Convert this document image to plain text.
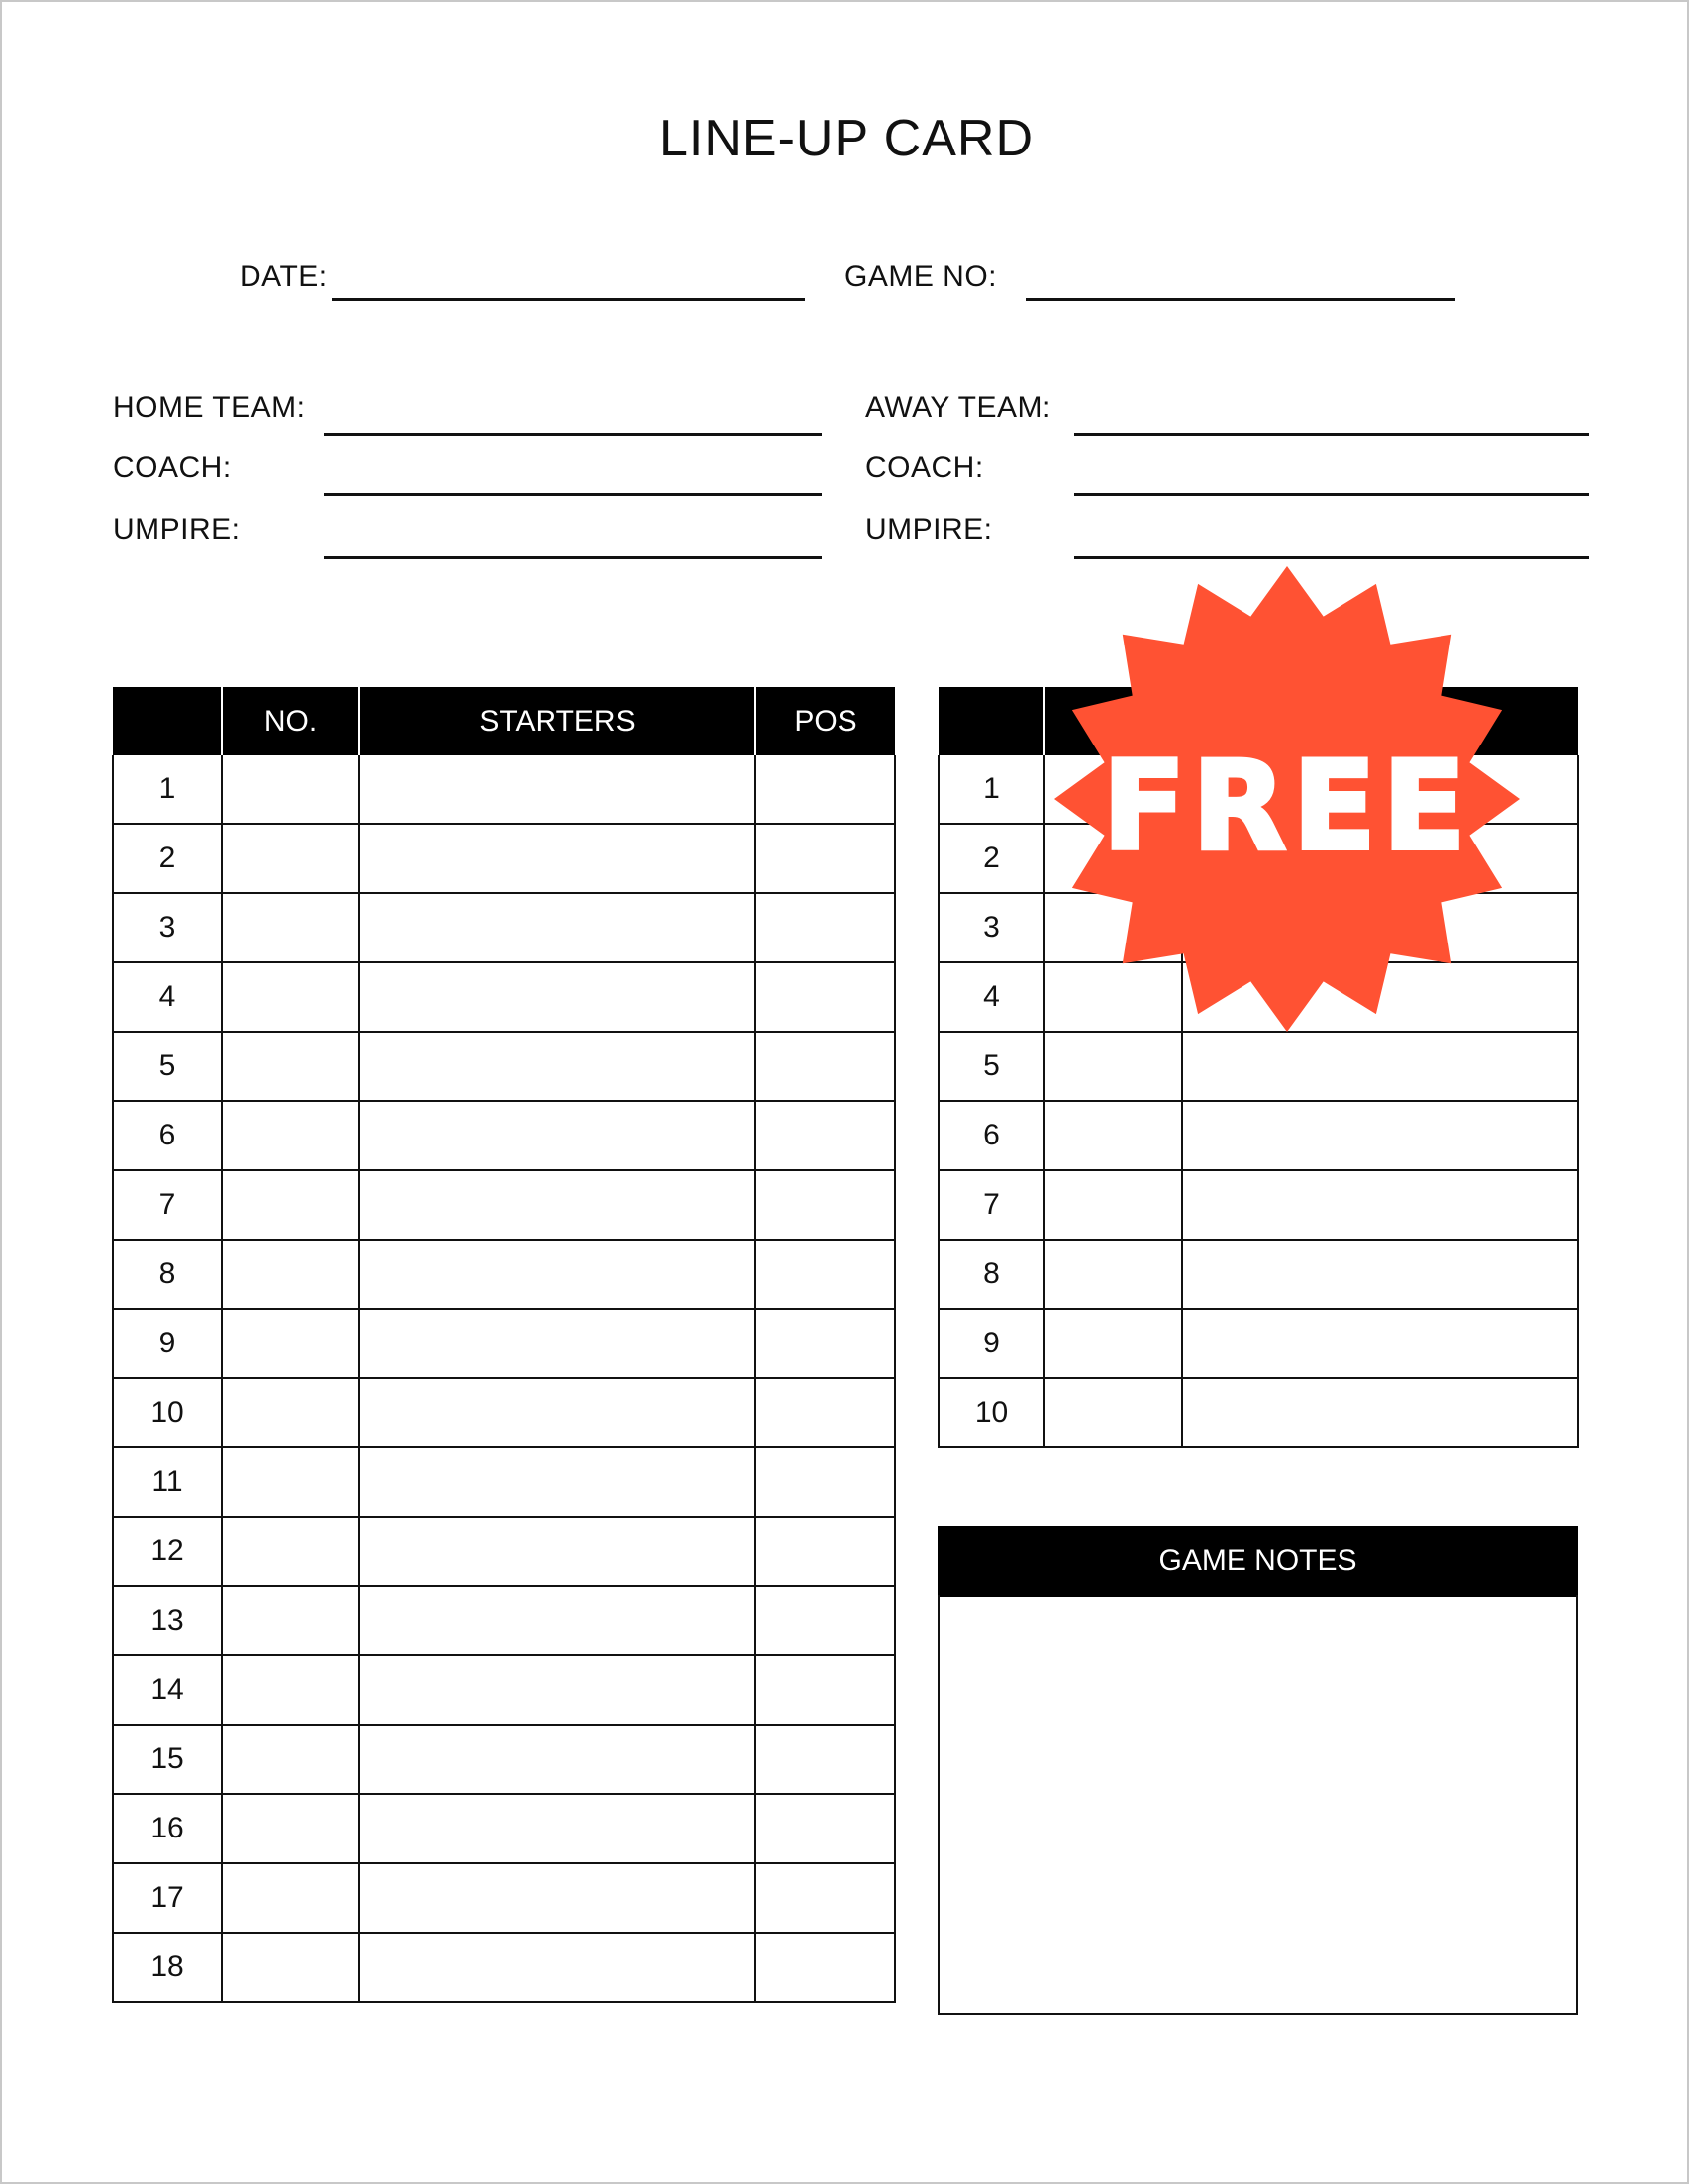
LINE-UP CARD
DATE:	GAME NO:
HOME TEAM:
COACH:
UMPIRE:
AWAY TEAM:
COACH:
UMPIRE:
	NO.	STARTERS	POS
1			
2			
3			
4			
5			
6			
7			
8			
9			
10			
11			
12			
13			
14			
15			
16			
17			
18			

1		
2		
3		
4		
5		
6		
7		
8		
9		
10		
GAME NOTES
FREE
